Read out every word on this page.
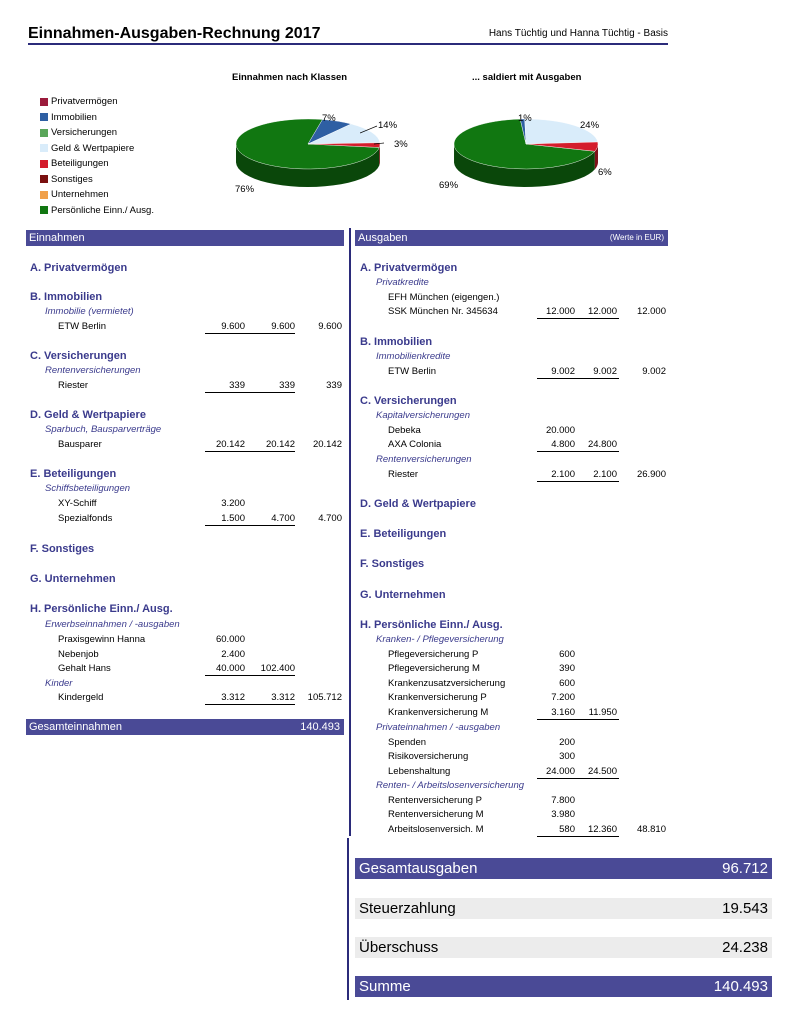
Einnahmen-Ausgaben-Rechnung 2017	Hans Tüchtig und Hanna Tüchtig - Basis
Privatvermögen
Immobilien
Versicherungen
Geld & Wertpapiere
Beteiligungen
Sonstiges
Unternehmen
Persönliche Einn./ Ausg.
Einnahmen nach Klassen
7%
14%
3%
76%
... saldiert mit Ausgaben
1%
24%
6%
69%
Einnahmen
A. Privatvermögen
B. Immobilien
Immobilie (vermietet)
ETW Berlin	9.600	9.600	9.600
C. Versicherungen
Rentenversicherungen
Riester	339	339	339
D. Geld & Wertpapiere
Sparbuch, Bausparverträge
Bausparer	20.142	20.142	20.142
E. Beteiligungen
Schiffsbeteiligungen
XY-Schiff	3.200
Spezialfonds	1.500	4.700	4.700
F. Sonstiges
G. Unternehmen
H. Persönliche Einn./ Ausg.
Erwerbseinnahmen / -ausgaben
Praxisgewinn Hanna	60.000
Nebenjob	2.400
Gehalt Hans	40.000	102.400
Kinder
Kindergeld	3.312	3.312	105.712
Gesamteinnahmen	140.493
Ausgaben	(Werte in EUR)
A. Privatvermögen
Privatkredite
EFH München (eigengen.)
SSK München Nr. 345634	12.000	12.000	12.000
B. Immobilien
Immobilienkredite
ETW Berlin	9.002	9.002	9.002
C. Versicherungen
Kapitalversicherungen
Debeka	20.000
AXA Colonia	4.800	24.800
Rentenversicherungen
Riester	2.100	2.100	26.900
D. Geld & Wertpapiere
E. Beteiligungen
F. Sonstiges
G. Unternehmen
H. Persönliche Einn./ Ausg.
Kranken- / Pflegeversicherung
Pflegeversicherung P	600
Pflegeversicherung M	390
Krankenzusatzversicherung	600
Krankenversicherung P	7.200
Krankenversicherung M	3.160	11.950
Privateinnahmen / -ausgaben
Spenden	200
Risikoversicherung	300
Lebenshaltung	24.000	24.500
Renten- / Arbeitslosenversicherung
Rentenversicherung P	7.800
Rentenversicherung M	3.980
Arbeitslosenversich. M	580	12.360	48.810
Gesamtausgaben	96.712
Steuerzahlung	19.543
Überschuss	24.238
Summe	140.493
